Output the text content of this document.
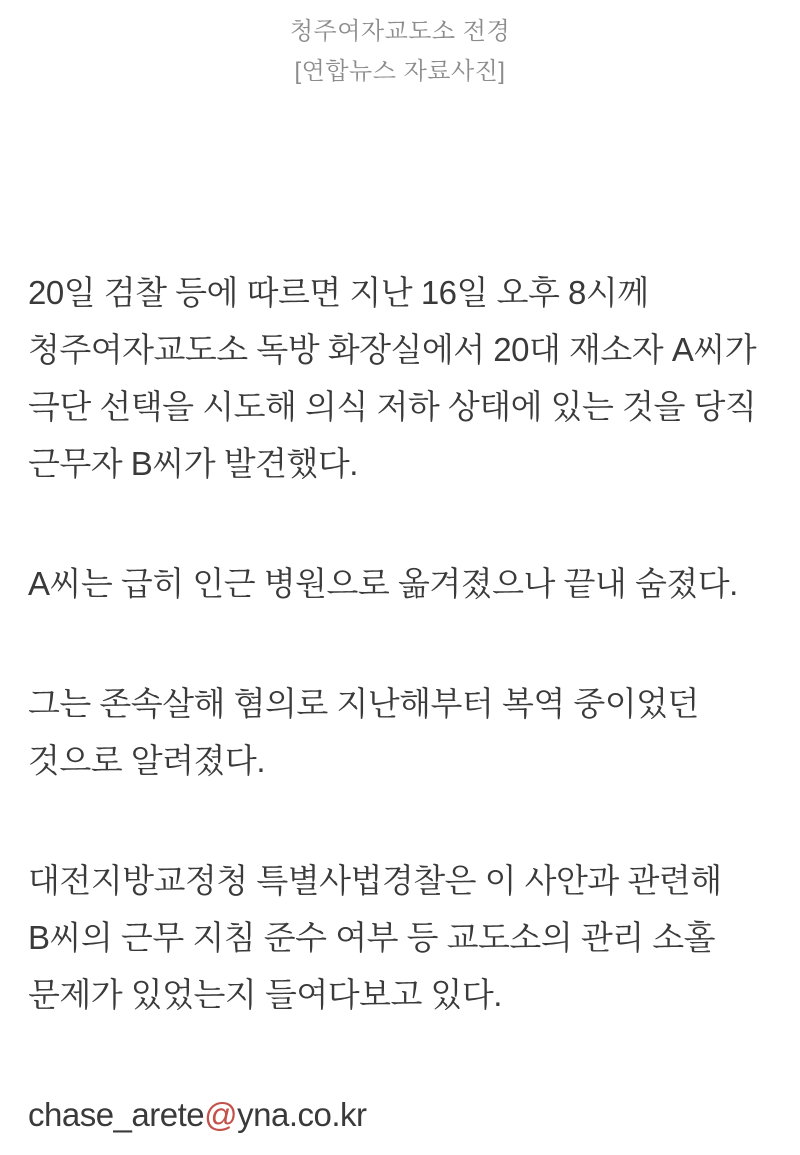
청주여자교도소 전경
[연합뉴스 자료사진]

20일 검찰 등에 따르면 지난 16일 오후 8시께 청주여자교도소 독방 화장실에서 20대 재소자 A씨가 극단 선택을 시도해 의식 저하 상태에 있는 것을 당직 근무자 B씨가 발견했다.

A씨는 급히 인근 병원으로 옮겨졌으나 끝내 숨졌다.

그는 존속살해 혐의로 지난해부터 복역 중이었던 것으로 알려졌다.

대전지방교정청 특별사법경찰은 이 사안과 관련해 B씨의 근무 지침 준수 여부 등 교도소의 관리 소홀 문제가 있었는지 들여다보고 있다.

chase_arete@yna.co.kr
